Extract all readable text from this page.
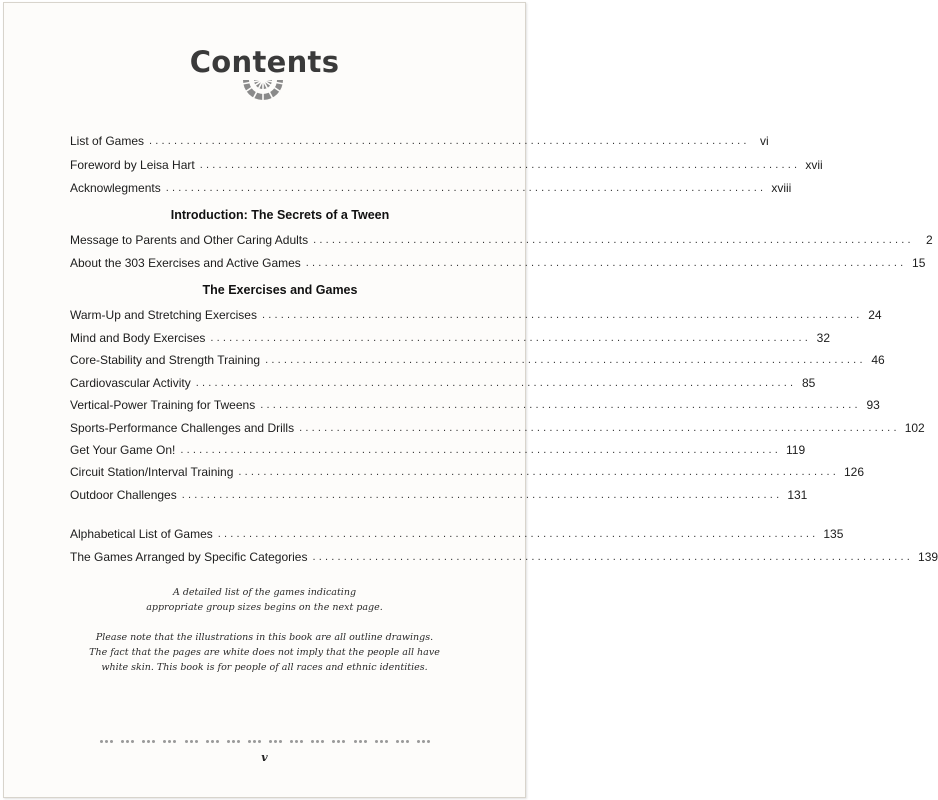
Contents
List of Games ................................................................................................ vi
Foreword by Leisa Hart ................................................................................................ xvii
Acknowlegments ................................................................................................ xviii
Introduction: The Secrets of a Tween
Message to Parents and Other Caring Adults ................................................................................................	2
About the 303 Exercises and Active Games ................................................................................................ 15
The Exercises and Games
Warm-Up and Stretching Exercises ................................................................................................ 24
Mind and Body Exercises ................................................................................................ 32
Core-Stability and Strength Training ................................................................................................ 46
Cardiovascular Activity ................................................................................................ 85
Vertical-Power Training for Tweens ................................................................................................ 93
Sports-Performance Challenges and Drills ................................................................................................ 102
Get Your Game On! ................................................................................................ 119
Circuit Station/Interval Training ................................................................................................ 126
Outdoor Challenges ................................................................................................ 131
Alphabetical List of Games ................................................................................................ 135
The Games Arranged by Specific Categories ................................................................................................ 139
A detailed list of the games indicating
appropriate group sizes begins on the next page.
Please note that the illustrations in this book are all outline drawings.
The fact that the pages are white does not imply that the people all have
white skin. This book is for people of all races and ethnic identities.
v
